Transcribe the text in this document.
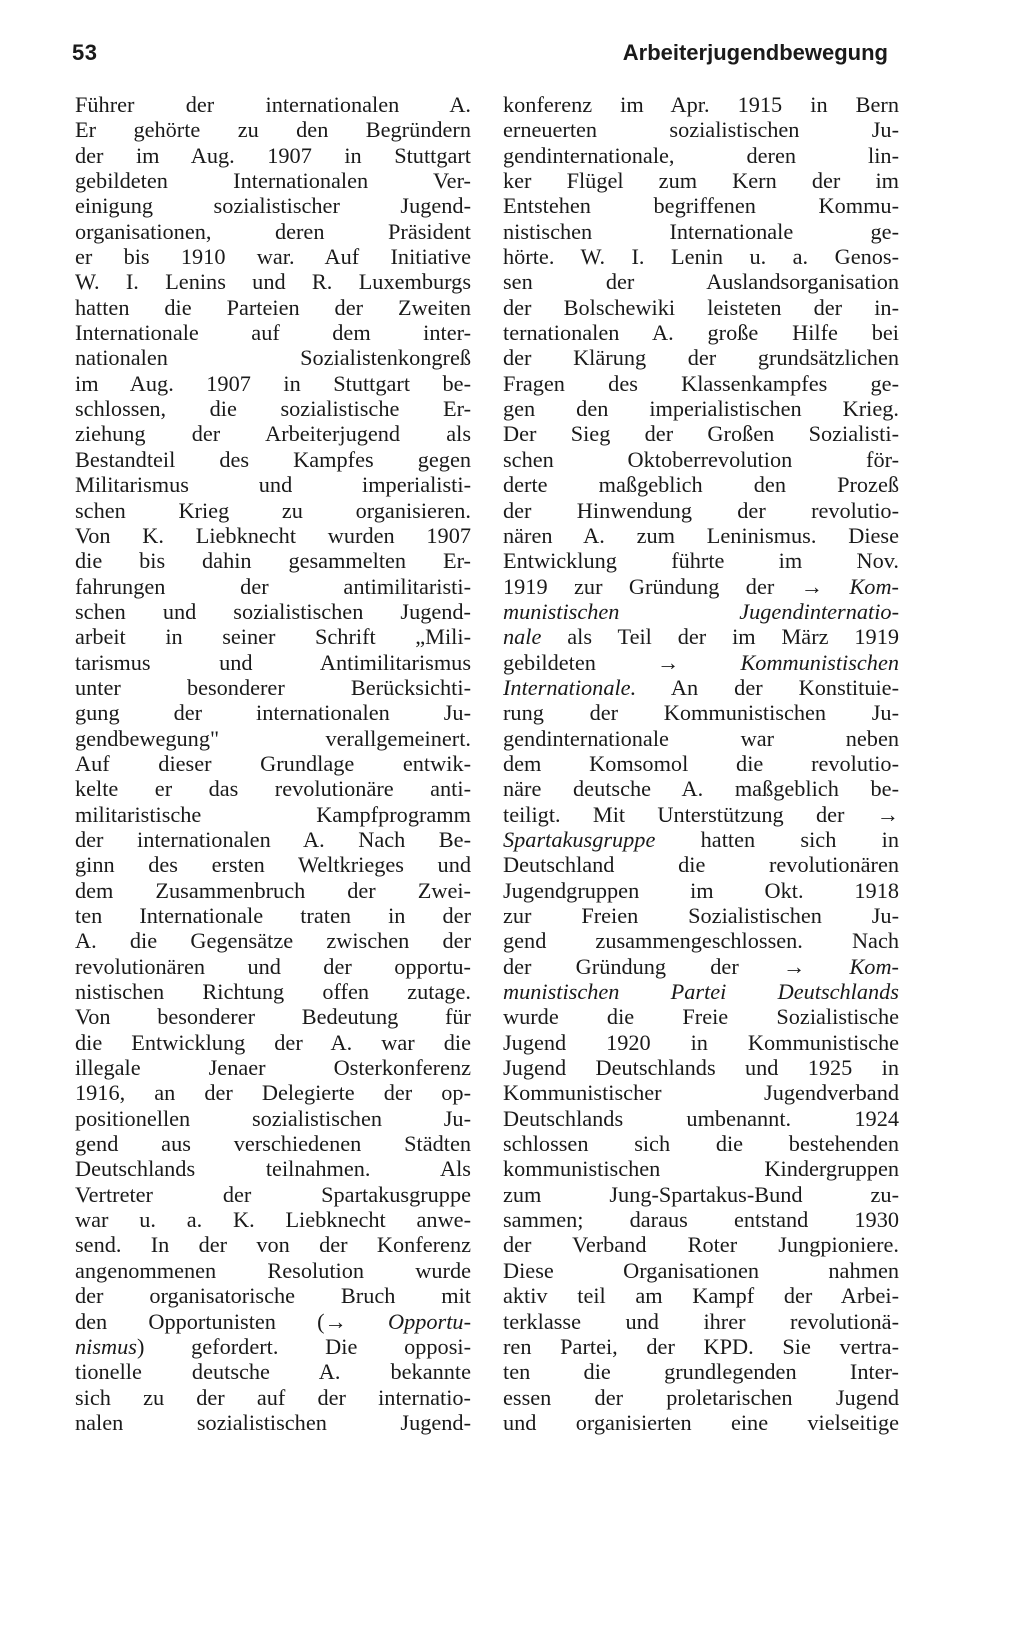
53	Arbeiterjugendbewegung
Führer der internationalen A.
Er gehörte zu den Begründern
der im Aug. 1907 in Stuttgart
gebildeten Internationalen Ver-
einigung sozialistischer Jugend-
organisationen, deren Präsident
er bis 1910 war. Auf Initiative
W. I. Lenins und R. Luxemburgs
hatten die Parteien der Zweiten
Internationale auf dem inter-
nationalen Sozialistenkongreß
im Aug. 1907 in Stuttgart be-
schlossen, die sozialistische Er-
ziehung der Arbeiterjugend als
Bestandteil des Kampfes gegen
Militarismus und imperialisti-
schen Krieg zu organisieren.
Von K. Liebknecht wurden 1907
die bis dahin gesammelten Er-
fahrungen der antimilitaristi-
schen und sozialistischen Jugend-
arbeit in seiner Schrift „Mili-
tarismus und Antimilitarismus
unter besonderer Berücksichti-
gung der internationalen Ju-
gendbewegung" verallgemeinert.
Auf dieser Grundlage entwik-
kelte er das revolutionäre anti-
militaristische Kampfprogramm
der internationalen A. Nach Be-
ginn des ersten Weltkrieges und
dem Zusammenbruch der Zwei-
ten Internationale traten in der
A. die Gegensätze zwischen der
revolutionären und der opportu-
nistischen Richtung offen zutage.
Von besonderer Bedeutung für
die Entwicklung der A. war die
illegale Jenaer Osterkonferenz
1916, an der Delegierte der op-
positionellen sozialistischen Ju-
gend aus verschiedenen Städten
Deutschlands teilnahmen. Als
Vertreter der Spartakusgruppe
war u. a. K. Liebknecht anwe-
send. In der von der Konferenz
angenommenen Resolution wurde
der organisatorische Bruch mit
den Opportunisten (→ Opportu-
nismus) gefordert. Die opposi-
tionelle deutsche A. bekannte
sich zu der auf der internatio-
nalen sozialistischen Jugend-
konferenz im Apr. 1915 in Bern
erneuerten sozialistischen Ju-
gendinternationale, deren lin-
ker Flügel zum Kern der im
Entstehen begriffenen Kommu-
nistischen Internationale ge-
hörte. W. I. Lenin u. a. Genos-
sen der Auslandsorganisation
der Bolschewiki leisteten der in-
ternationalen A. große Hilfe bei
der Klärung der grundsätzlichen
Fragen des Klassenkampfes ge-
gen den imperialistischen Krieg.
Der Sieg der Großen Sozialisti-
schen Oktoberrevolution för-
derte maßgeblich den Prozeß
der Hinwendung der revolutio-
nären A. zum Leninismus. Diese
Entwicklung führte im Nov.
1919 zur Gründung der → Kom-
munistischen Jugendinternatio-
nale als Teil der im März 1919
gebildeten → Kommunistischen
Internationale. An der Konstituie-
rung der Kommunistischen Ju-
gendinternationale war neben
dem Komsomol die revolutio-
näre deutsche A. maßgeblich be-
teiligt. Mit Unterstützung der →
Spartakusgruppe hatten sich in
Deutschland die revolutionären
Jugendgruppen im Okt. 1918
zur Freien Sozialistischen Ju-
gend zusammengeschlossen. Nach
der Gründung der → Kom-
munistischen Partei Deutschlands
wurde die Freie Sozialistische
Jugend 1920 in Kommunistische
Jugend Deutschlands und 1925 in
Kommunistischer Jugendverband
Deutschlands umbenannt. 1924
schlossen sich die bestehenden
kommunistischen Kindergruppen
zum Jung-Spartakus-Bund zu-
sammen; daraus entstand 1930
der Verband Roter Jungpioniere.
Diese Organisationen nahmen
aktiv teil am Kampf der Arbei-
terklasse und ihrer revolutionä-
ren Partei, der KPD. Sie vertra-
ten die grundlegenden Inter-
essen der proletarischen Jugend
und organisierten eine vielseitige
